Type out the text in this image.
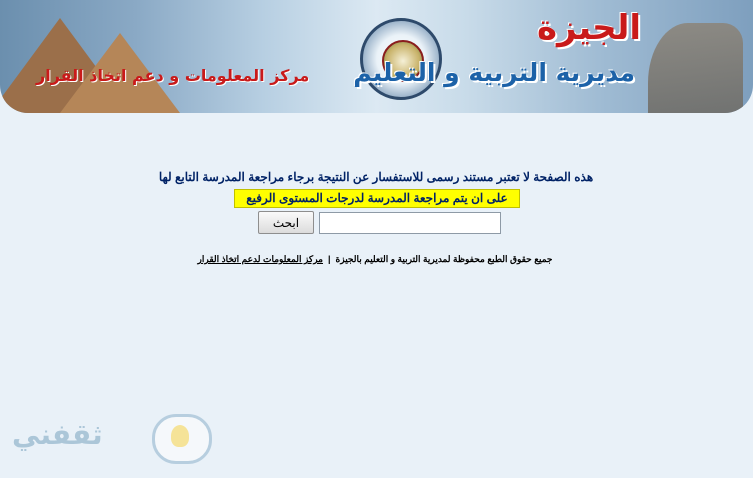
الجيزة
مديرية التربية و التعليم
مركز المعلومات و دعم اتخاذ القرار
هذه الصفحة لا تعتبر مستند رسمى للاستفسار عن النتيجة برجاء مراجعة المدرسة التابع لها
على ان يتم مراجعة المدرسة لدرجات المستوى الرفيع
ابحث
جميع حقوق الطبع محفوظة لمديرية التربية و التعليم بالجيزة|مركز المعلومات لدعم اتخاذ القرار
ثقفني
